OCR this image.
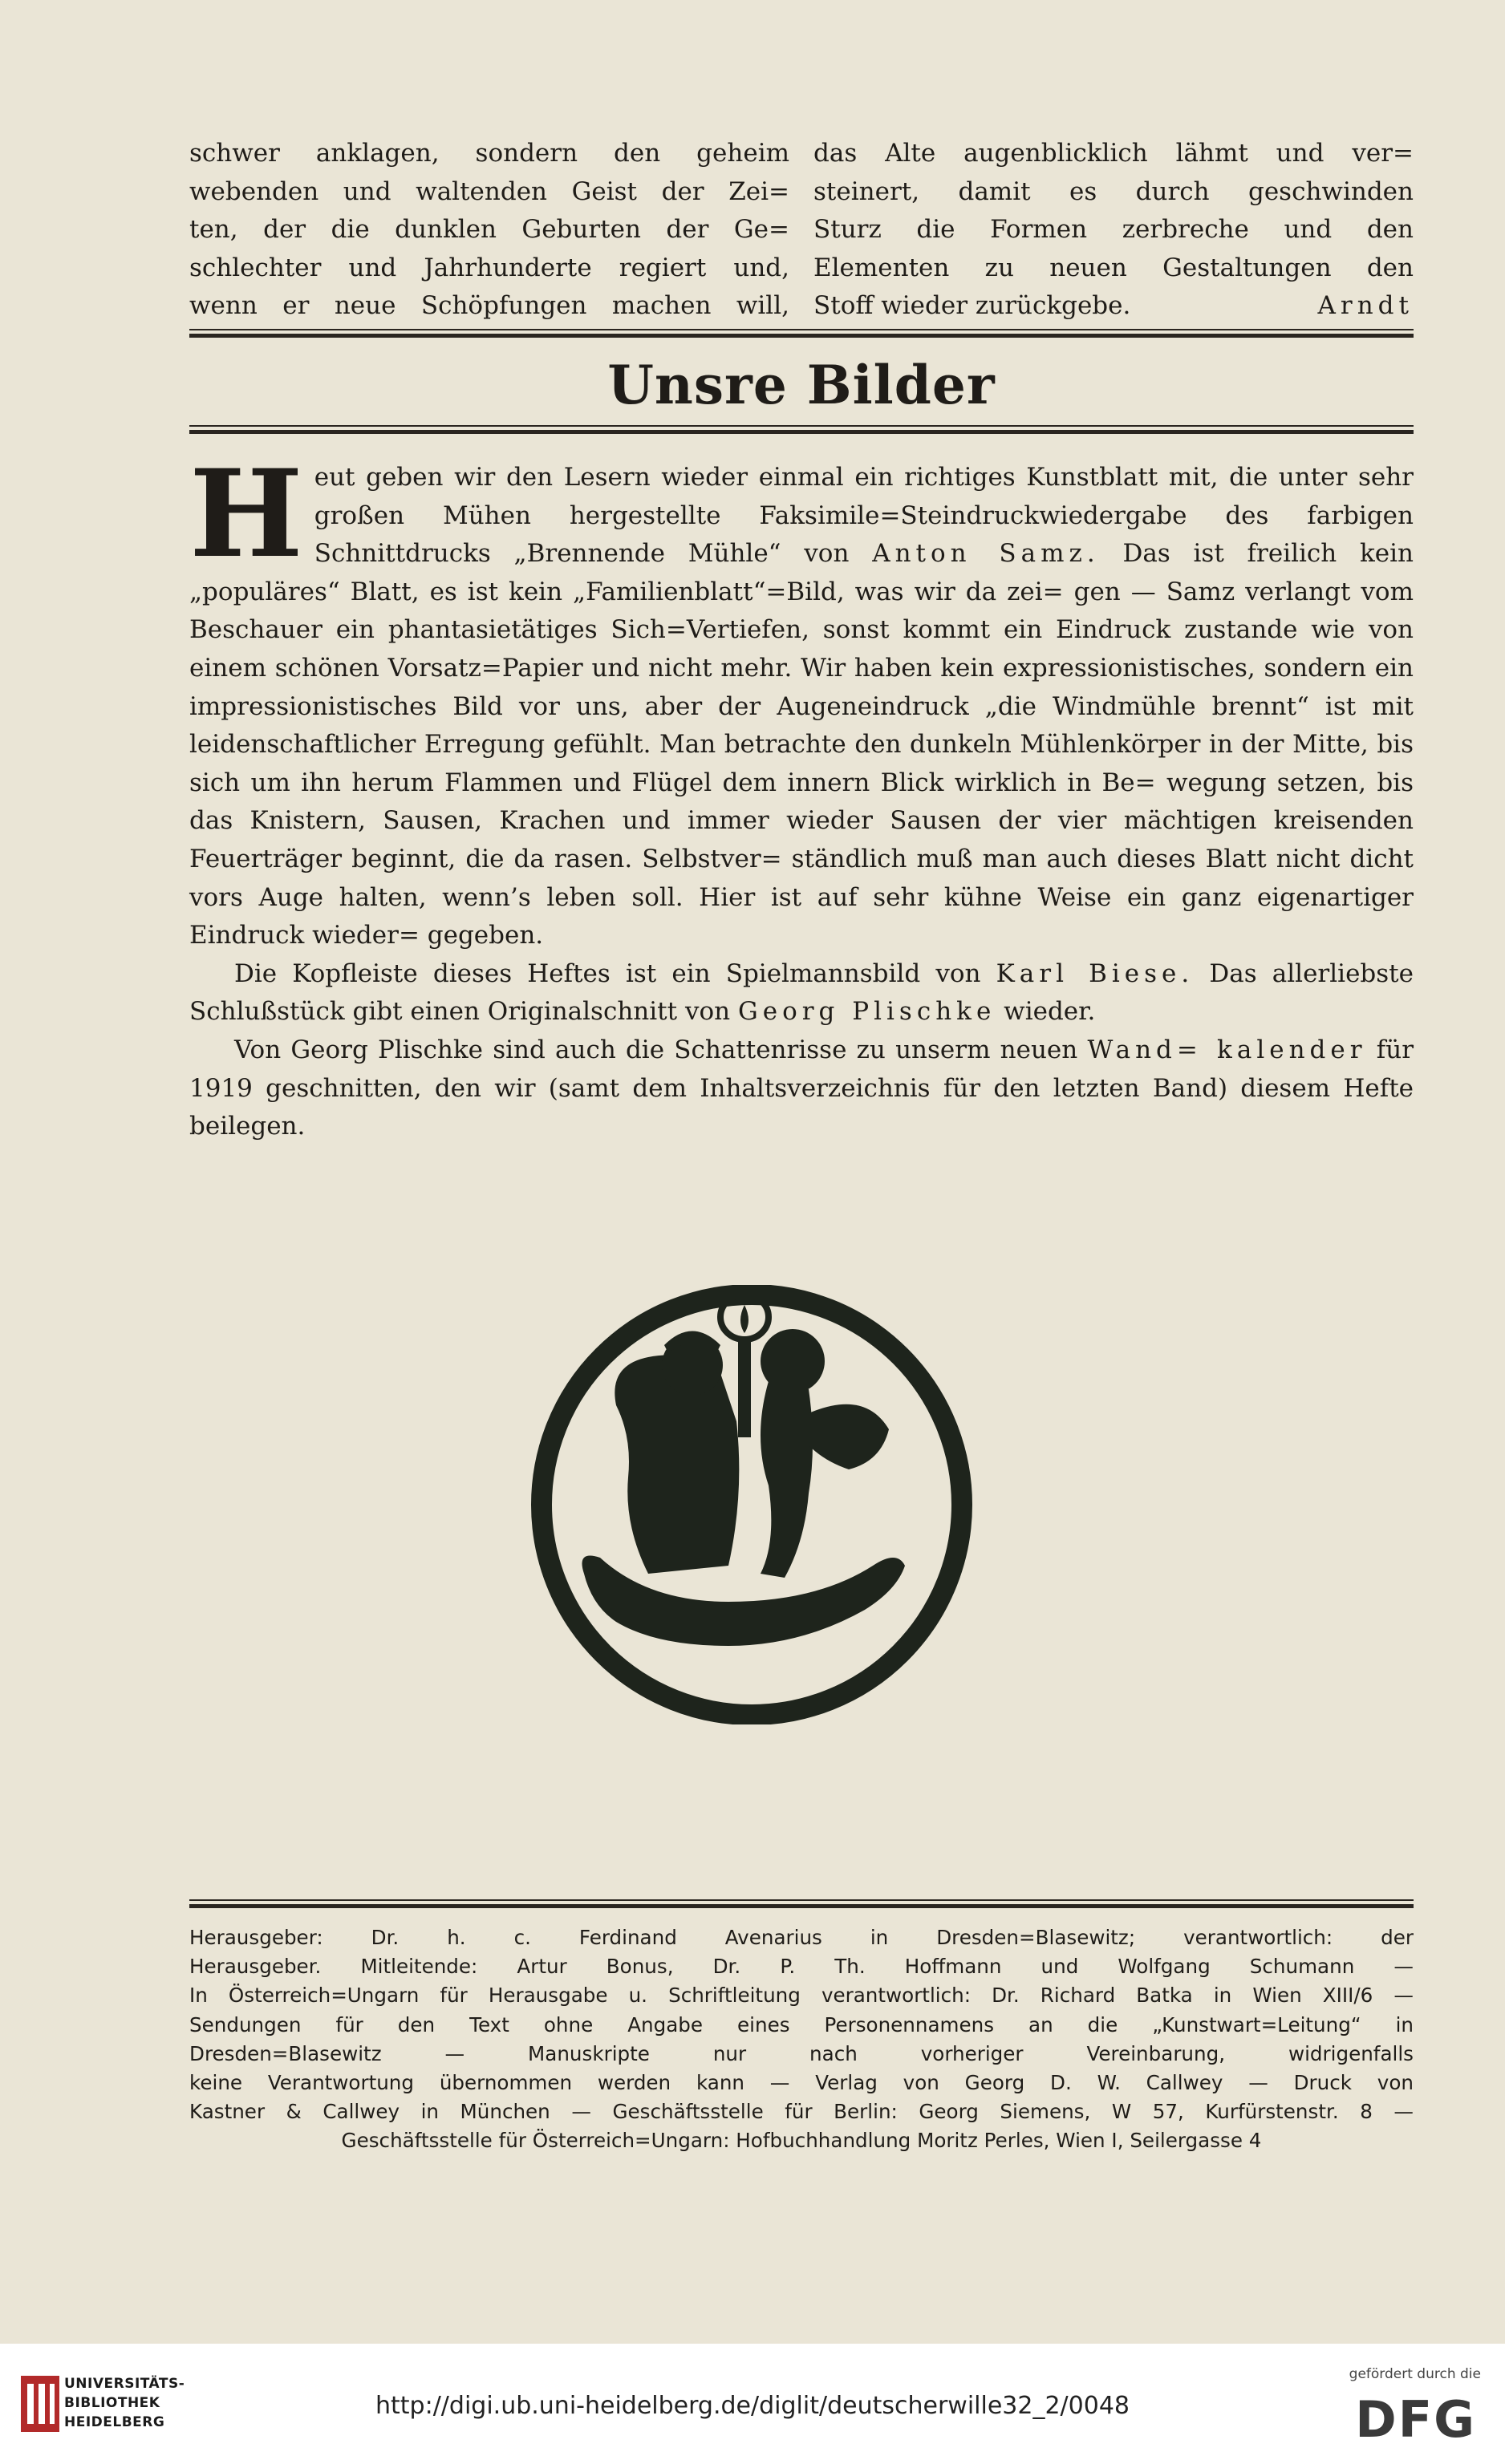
schwer anklagen, sondern den geheim
webenden und waltenden Geist der Zei=
ten, der die dunklen Geburten der Ge=
schlechter und Jahrhunderte regiert und,
wenn er neue Schöpfungen machen will,
das Alte augenblicklich lähmt und ver=
steinert, damit es durch geschwinden
Sturz die Formen zerbreche und den
Elementen zu neuen Gestaltungen den
Stoff wieder zurückgebe.	Arndt
Unsre Bilder

Heut geben wir den Lesern wieder einmal ein richtiges Kunstblatt mit, die unter sehr großen Mühen hergestellte Faksimile=Steindruckwiedergabe des farbigen Schnittdrucks „Brennende Mühle“ von Anton Samz. Das ist freilich kein „populäres“ Blatt, es ist kein „Familienblatt“=Bild, was wir da zei= gen — Samz verlangt vom Beschauer ein phantasietätiges Sich=Vertiefen, sonst kommt ein Eindruck zustande wie von einem schönen Vorsatz=Papier und nicht mehr. Wir haben kein expressionistisches, sondern ein impressionistisches Bild vor uns, aber der Augeneindruck „die Windmühle brennt“ ist mit leidenschaftlicher Erregung gefühlt. Man betrachte den dunkeln Mühlenkörper in der Mitte, bis sich um ihn herum Flammen und Flügel dem innern Blick wirklich in Be= wegung setzen, bis das Knistern, Sausen, Krachen und immer wieder Sausen der vier mächtigen kreisenden Feuerträger beginnt, die da rasen. Selbstver= ständlich muß man auch dieses Blatt nicht dicht vors Auge halten, wenn’s leben soll. Hier ist auf sehr kühne Weise ein ganz eigenartiger Eindruck wieder= gegeben.

Die Kopfleiste dieses Heftes ist ein Spielmannsbild von Karl Biese. Das allerliebste Schlußstück gibt einen Originalschnitt von Georg Plischke wieder.

Von Georg Plischke sind auch die Schattenrisse zu unserm neuen Wand= kalender für 1919 geschnitten, den wir (samt dem Inhaltsverzeichnis für den letzten Band) diesem Hefte beilegen.

Herausgeber: Dr. h. c. Ferdinand Avenarius in Dresden=Blasewitz; verantwortlich: der
Herausgeber. Mitleitende: Artur Bonus, Dr. P. Th. Hoffmann und Wolfgang Schumann —
In Österreich=Ungarn für Herausgabe u. Schriftleitung verantwortlich: Dr. Richard Batka in Wien XIII/6 —
Sendungen für den Text ohne Angabe eines Personennamens an die „Kunstwart=Leitung“ in
Dresden=Blasewitz — Manuskripte nur nach vorheriger Vereinbarung, widrigenfalls
keine Verantwortung übernommen werden kann — Verlag von Georg D. W. Callwey — Druck von
Kastner & Callwey in München — Geschäftsstelle für Berlin: Georg Siemens, W 57, Kurfürstenstr. 8 —
Geschäftsstelle für Österreich=Ungarn: Hofbuchhandlung Moritz Perles, Wien I, Seilergasse 4
UNIVERSITÄTS-
BIBLIOTHEK
HEIDELBERG
http://digi.ub.uni-heidelberg.de/diglit/deutscherwille32_2/0048
gefördert durch die
DFG
